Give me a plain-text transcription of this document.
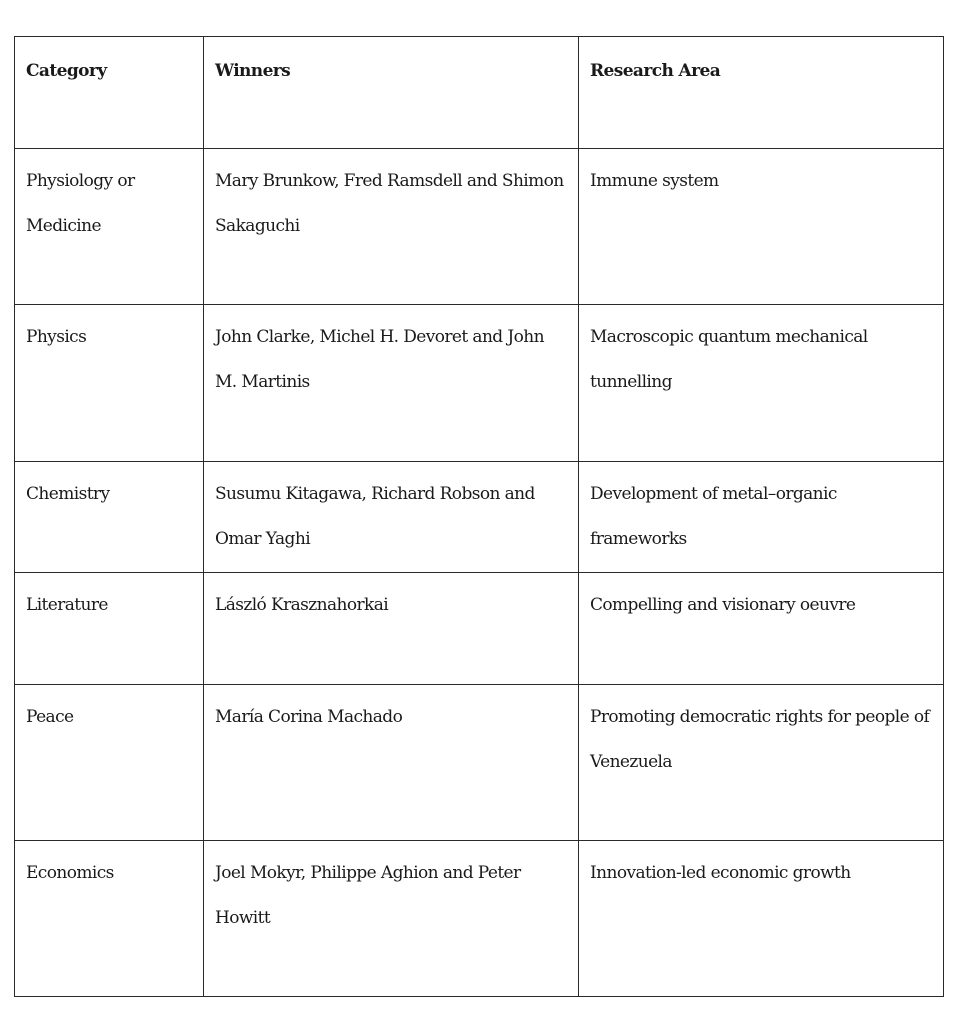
Category	Winners	Research Area
Physiology or Medicine	Mary Brunkow, Fred Ramsdell and Shimon Sakaguchi	Immune system
Physics	John Clarke, Michel H. Devoret and John M. Martinis	Macroscopic quantum mechanical tunnelling
Chemistry	Susumu Kitagawa, Richard Robson and Omar Yaghi	Development of metal–organic frameworks
Literature	László Krasznahorkai	Compelling and visionary oeuvre
Peace	María Corina Machado	Promoting democratic rights for people of Venezuela
Economics	Joel Mokyr, Philippe Aghion and Peter Howitt	Innovation-led economic growth
